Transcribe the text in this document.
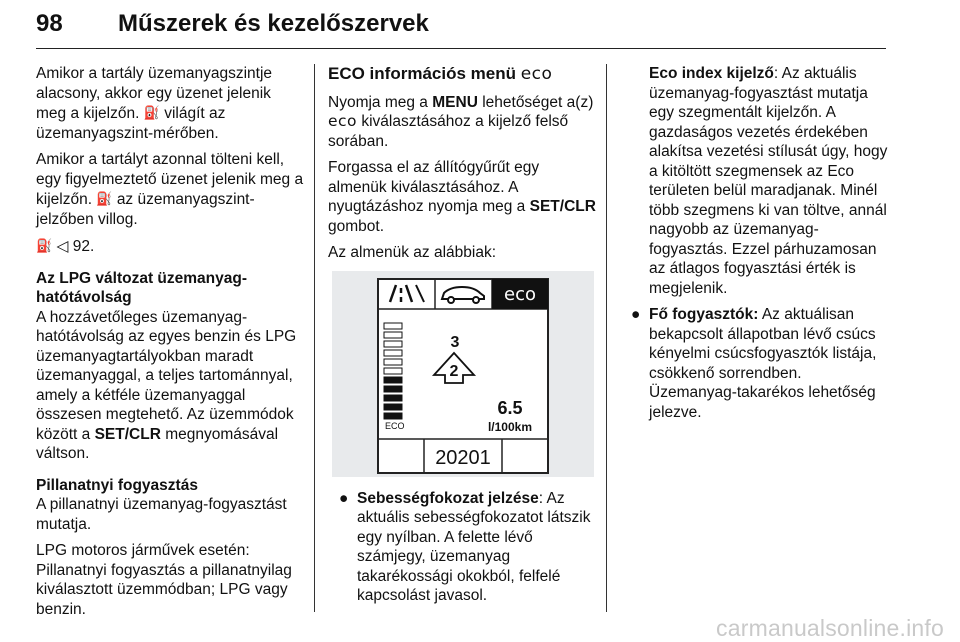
98 Műszerek és kezelőszervek

Amikor a tartály üzemanyagszintje alacsony, akkor egy üzenet jelenik meg a kijelzőn. ⛽ világít az üzemanyagszint-mérőben.

Amikor a tartályt azonnal tölteni kell, egy figyelmeztető üzenet jelenik meg a kijelzőn. ⛽ az üzemanyagszint-jelzőben villog.

⛽ ◁ 92.

Az LPG változat üzemanyag-hatótávolság

A hozzávetőleges üzemanyag-hatótávolság az egyes benzin és LPG üzemanyagtartályokban maradt üzemanyaggal, a teljes tartománnyal, amely a kétféle üzemanyaggal összesen megtehető. Az üzemmódok között a SET/CLR megnyomásával váltson.

Pillanatnyi fogyasztás

A pillanatnyi üzemanyag-fogyasztást mutatja.

LPG motoros járművek esetén: Pillanatnyi fogyasztás a pillanatnyilag kiválasztott üzemmódban; LPG vagy benzin.

ECO információs menü eco

Nyomja meg a MENU lehetőséget a(z) eco kiválasztásához a kijelző felső sorában.

Forgassa el az állítógyűrűt egy almenük kiválasztásához. A nyugtázáshoz nyomja meg a SET/CLR gombot.

Az almenük az alábbiak:

eco
ECO
3
2
6.5
l/100km
20201
● Sebességfokozat jelzése: Az aktuális sebességfokozatot látszik egy nyílban. A felette lévő számjegy, üzemanyag takarékossági okokból, felfelé kapcsolást javasol.

Eco index kijelző: Az aktuális üzemanyag-fogyasztást mutatja egy szegmentált kijelzőn. A gazdaságos vezetés érdekében alakítsa vezetési stílusát úgy, hogy a kitöltött szegmensek az Eco területen belül maradjanak. Minél több szegmens ki van töltve, annál nagyobb az üzemanyag-fogyasztás. Ezzel párhuzamosan az átlagos fogyasztási érték is megjelenik.

● Fő fogyasztók: Az aktuálisan bekapcsolt állapotban lévő csúcs kényelmi csúcsfogyasztók listája, csökkenő sorrendben. Üzemanyag-takarékos lehetőség jelezve.
carmanualsonline.info
